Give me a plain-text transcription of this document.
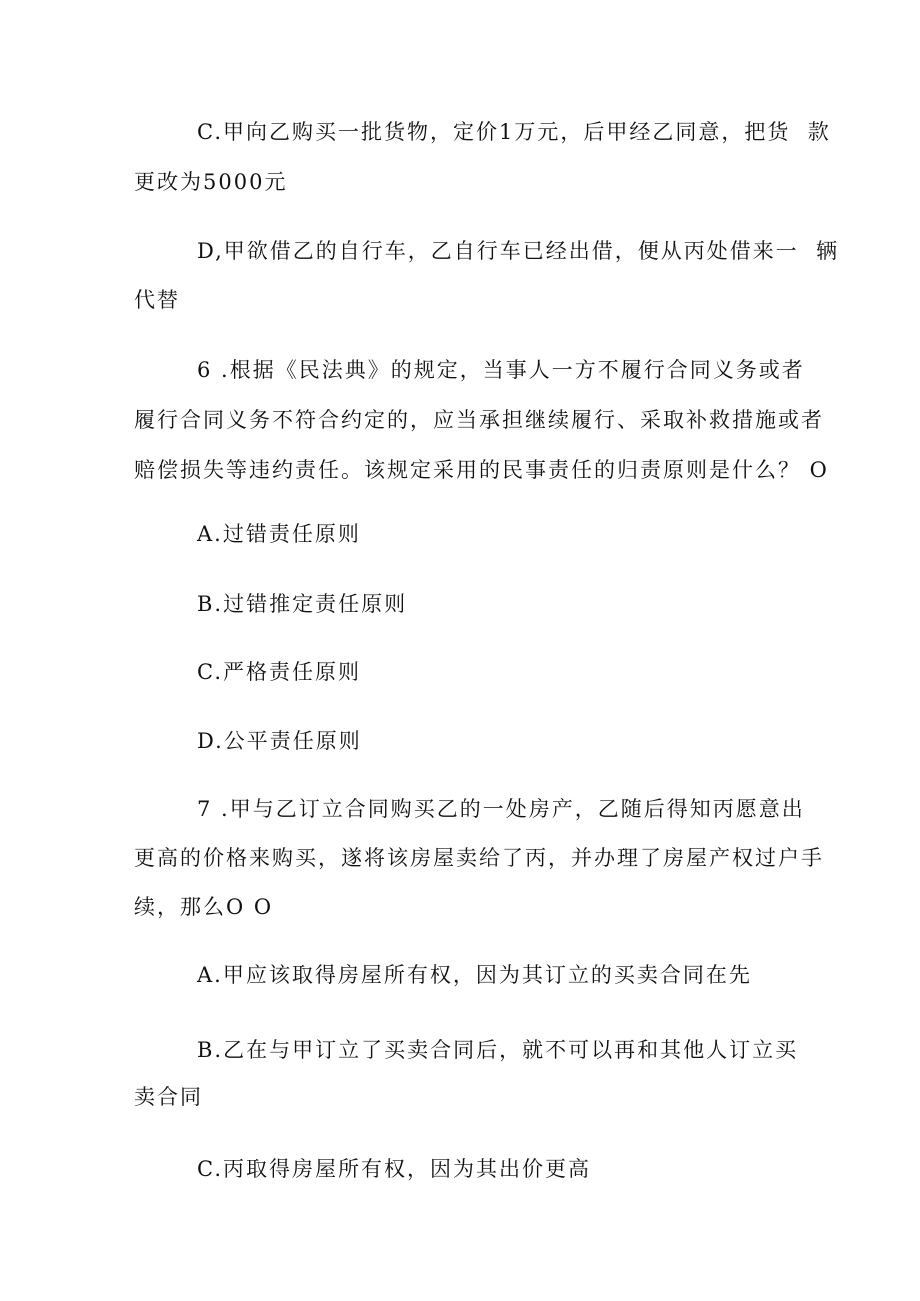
C.甲向乙购买一批货物，定价1万元，后甲经乙同意，把货  款
更改为5000元
D,甲欲借乙的自行车，乙自行车已经出借，便从丙处借来一  辆
代替
6 .根据《民法典》的规定，当事人一方不履行合同义务或者
履行合同义务不符合约定的，应当承担继续履行、采取补救措施或者
赔偿损失等违约责任。该规定采用的民事责任的归责原则是什么？ O
A.过错责任原则
B.过错推定责任原则
C.严格责任原则
D.公平责任原则
7 .甲与乙订立合同购买乙的一处房产，乙随后得知丙愿意出
更高的价格来购买，遂将该房屋卖给了丙，并办理了房屋产权过户手
续，那么O O
A.甲应该取得房屋所有权，因为其订立的买卖合同在先
B.乙在与甲订立了买卖合同后，就不可以再和其他人订立买
卖合同
C.丙取得房屋所有权，因为其出价更高
